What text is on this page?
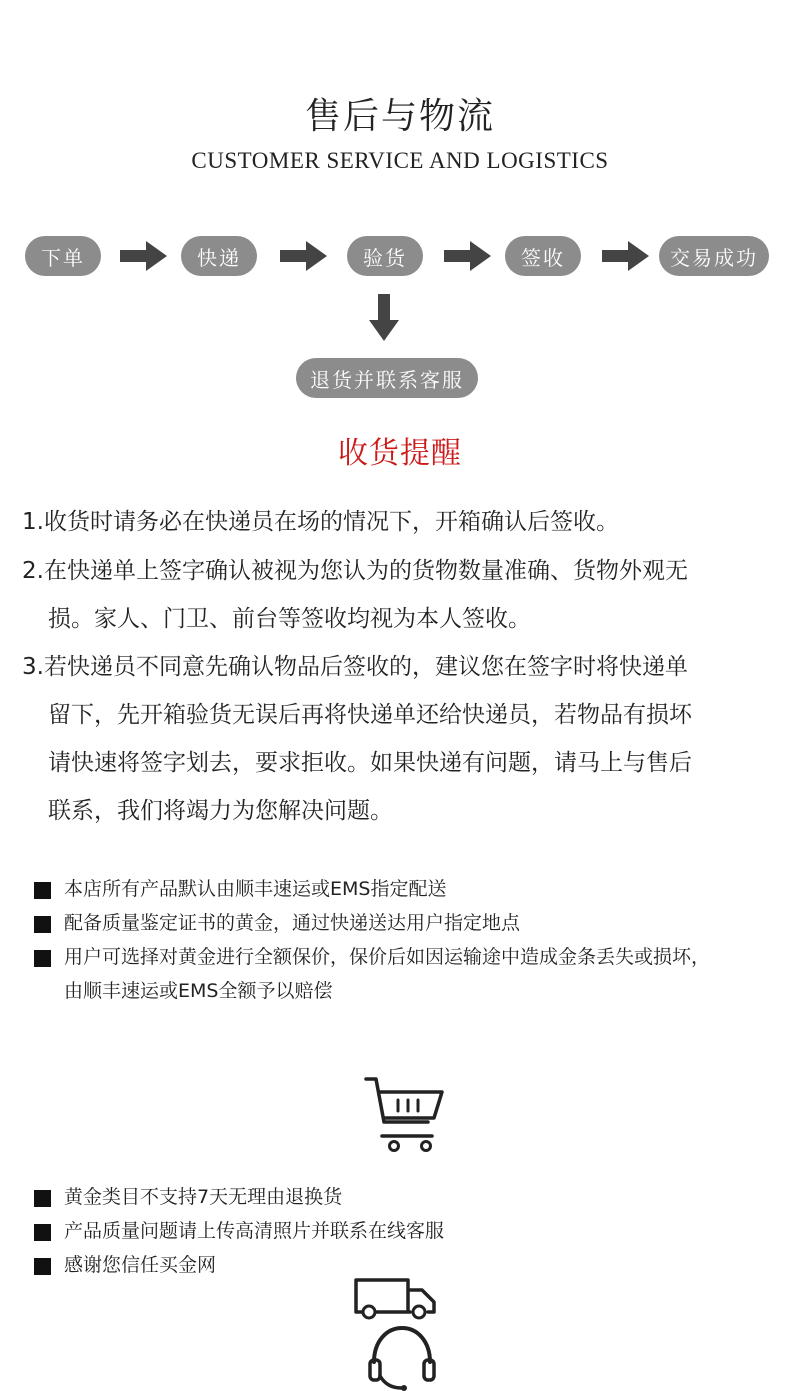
售后与物流
CUSTOMER SERVICE AND LOGISTICS
下单	快递	验货	签收	交易成功
退货并联系客服
收货提醒
1.收货时请务必在快递员在场的情况下，开箱确认后签收。
2.在快递单上签字确认被视为您认为的货物数量准确、货物外观无
损。家人、门卫、前台等签收均视为本人签收。
3.若快递员不同意先确认物品后签收的，建议您在签字时将快递单
留下，先开箱验货无误后再将快递单还给快递员，若物品有损坏
请快速将签字划去，要求拒收。如果快递有问题，请马上与售后
联系，我们将竭力为您解决问题。
本店所有产品默认由顺丰速运或EMS指定配送
配备质量鉴定证书的黄金，通过快递送达用户指定地点
用户可选择对黄金进行全额保价，保价后如因运输途中造成金条丢失或损坏，
由顺丰速运或EMS全额予以赔偿
黄金类目不支持7天无理由退换货
产品质量问题请上传高清照片并联系在线客服
感谢您信任买金网
